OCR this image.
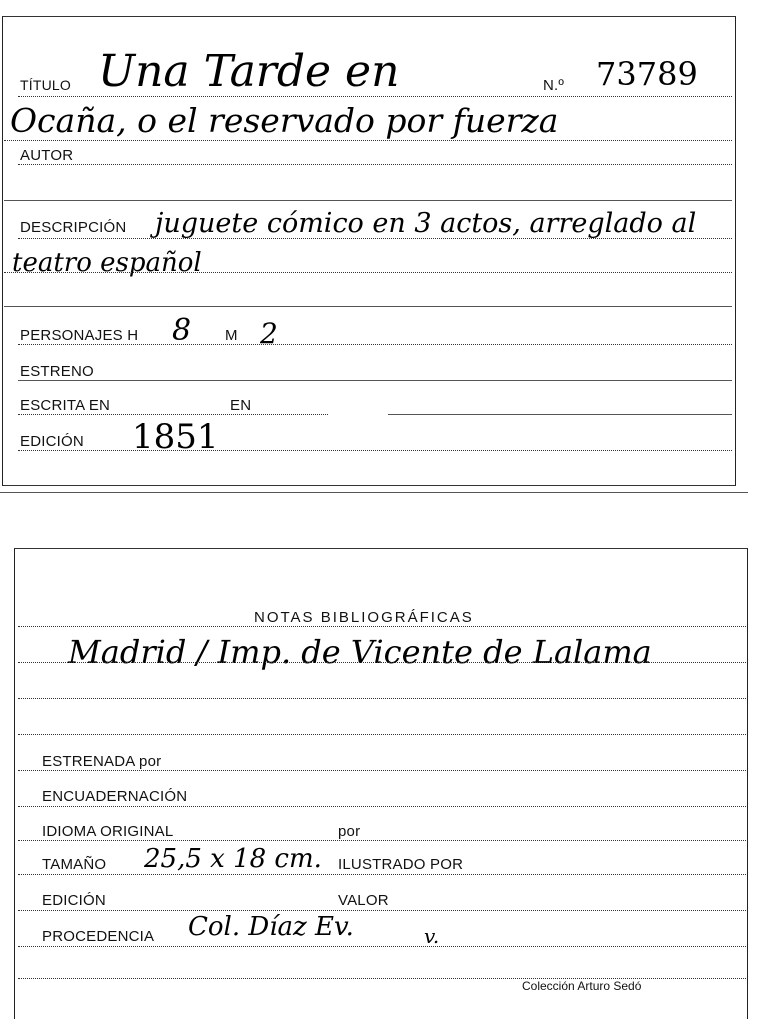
TÍTULO Una Tarde en	N.º 73789
Ocaña, o el reservado por fuerza
AUTOR
DESCRIPCIÓN juguete cómico en 3 actos, arreglado al
teatro español
PERSONAJES H 8 M 2
ESTRENO
ESCRITA EN	EN
EDICIÓN 1851
NOTAS BIBLIOGRÁFICAS
Madrid / Imp. de Vicente de Lalama
ESTRENADA por
ENCUADERNACIÓN
IDIOMA ORIGINAL	por
TAMAÑO 25,5 x 18 cm. ILUSTRADO POR
EDICIÓN	VALOR
PROCEDENCIA Col. Díaz Ev.	v.
Colección Arturo Sedó
